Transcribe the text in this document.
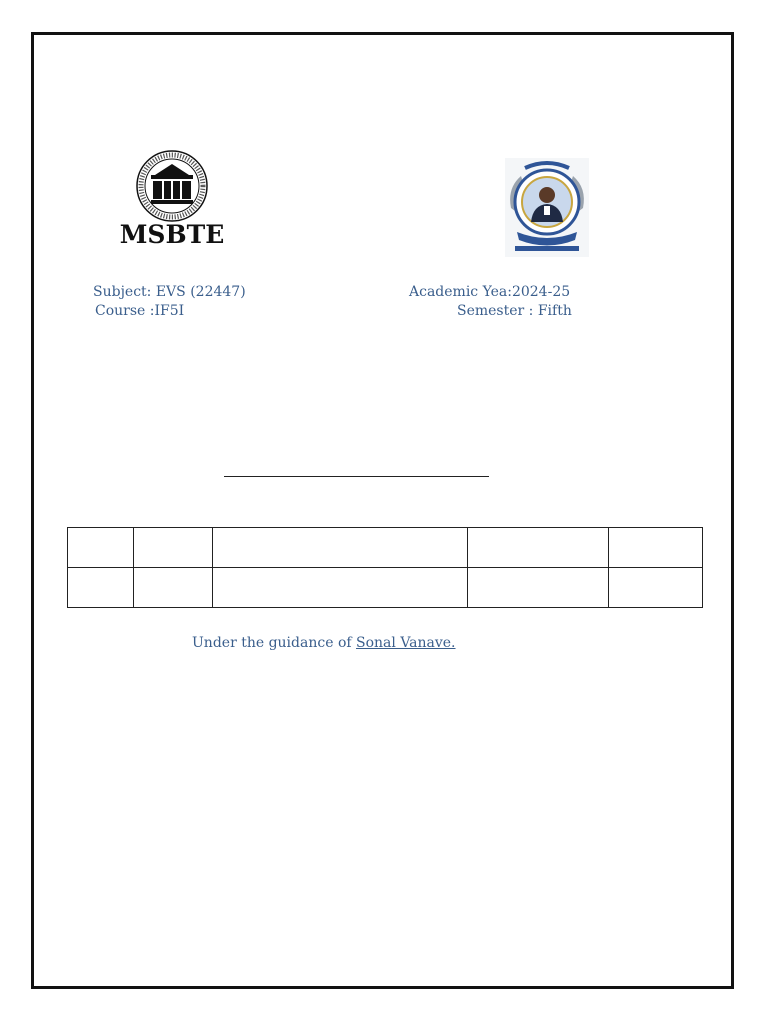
MSBTE
Subject: EVS (22447)
Course :IF5I
Academic Yea:2024-25
Semester : Fifth

Under the guidance of Sonal Vanave.
